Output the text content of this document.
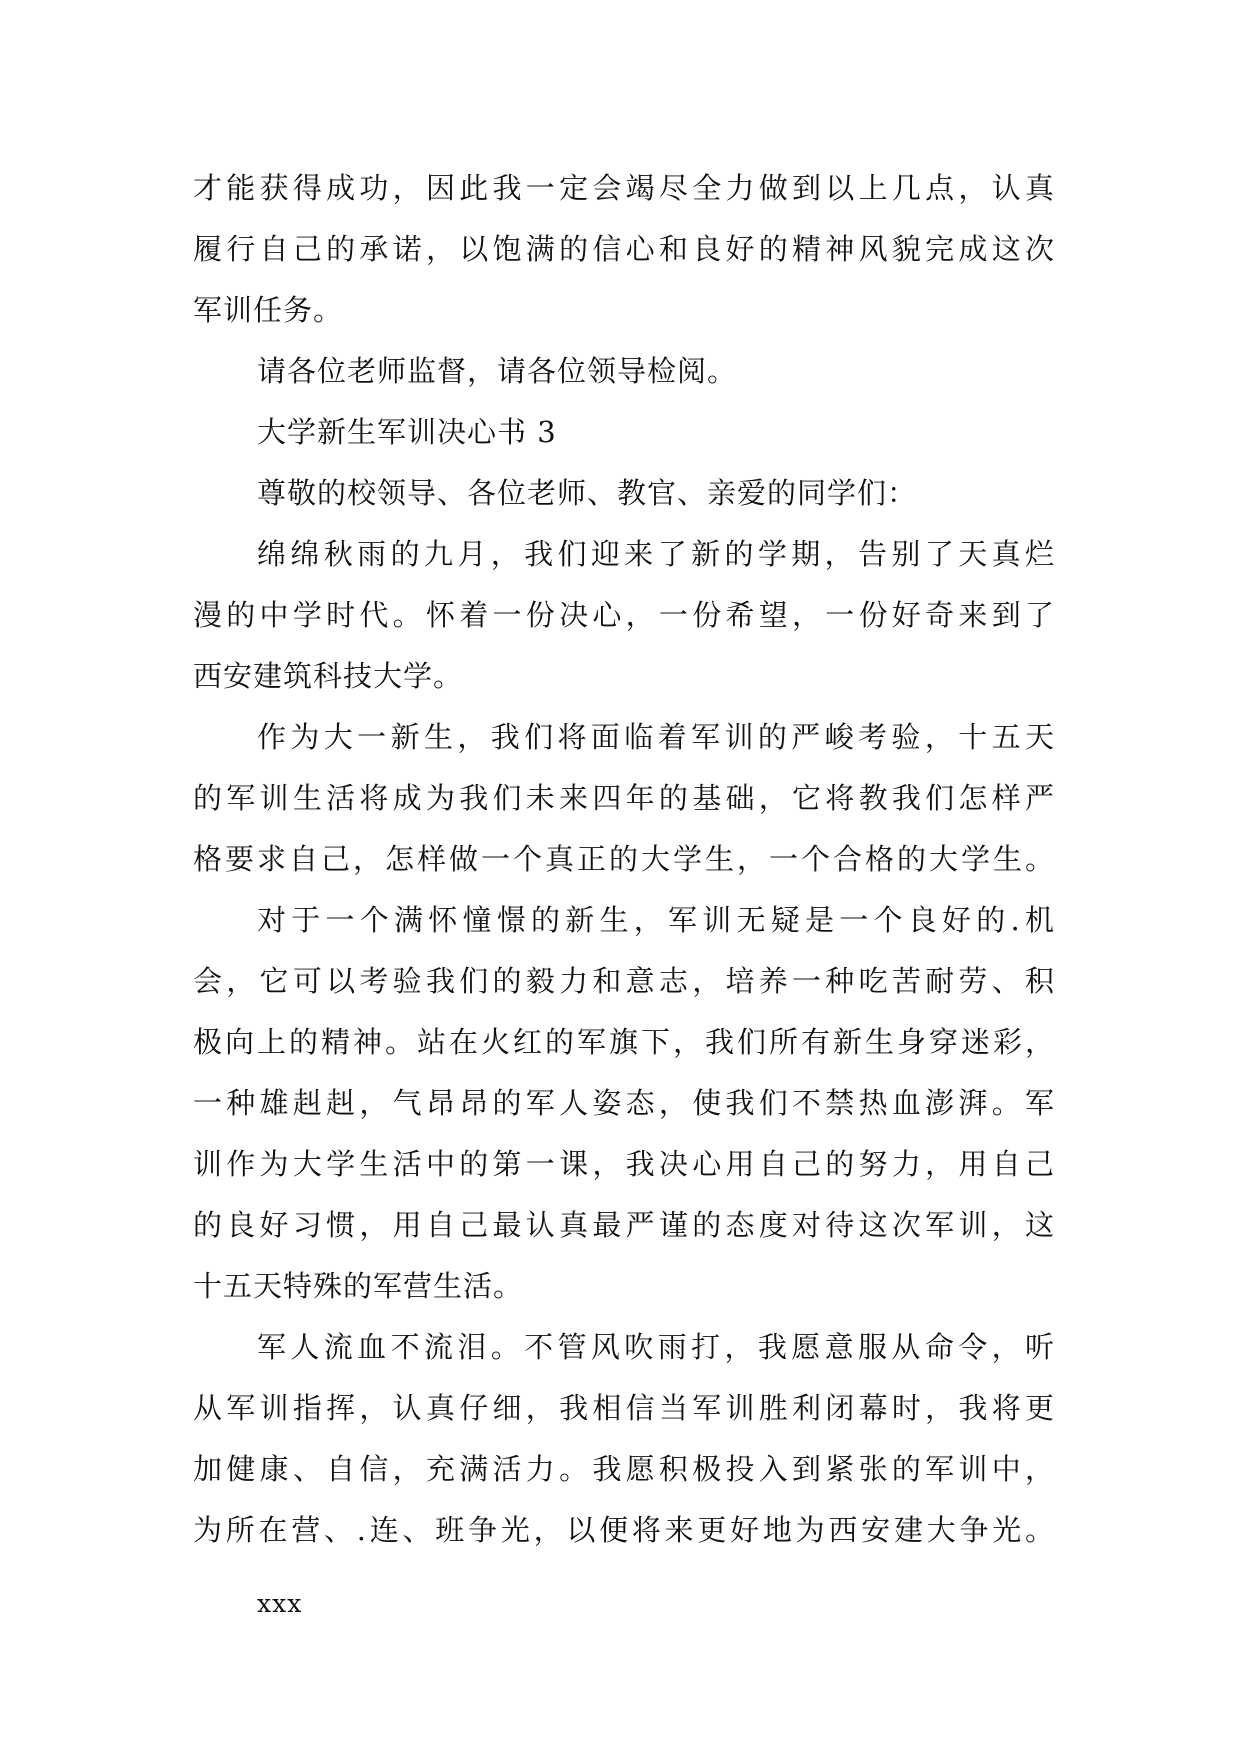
才能获得成功，因此我一定会竭尽全力做到以上几点，认真
履行自己的承诺，以饱满的信心和良好的精神风貌完成这次
军训任务。
请各位老师监督，请各位领导检阅。
大学新生军训决心书 3
尊敬的校领导、各位老师、教官、亲爱的同学们：
绵绵秋雨的九月，我们迎来了新的学期，告别了天真烂
漫的中学时代。怀着一份决心，一份希望，一份好奇来到了
西安建筑科技大学。
作为大一新生，我们将面临着军训的严峻考验，十五天
的军训生活将成为我们未来四年的基础，它将教我们怎样严
格要求自己，怎样做一个真正的大学生，一个合格的大学生。
对于一个满怀憧憬的新生，军训无疑是一个良好的.机
会，它可以考验我们的毅力和意志，培养一种吃苦耐劳、积
极向上的精神。站在火红的军旗下，我们所有新生身穿迷彩，
一种雄赳赳，气昂昂的军人姿态，使我们不禁热血澎湃。军
训作为大学生活中的第一课，我决心用自己的努力，用自己
的良好习惯，用自己最认真最严谨的态度对待这次军训，这
十五天特殊的军营生活。
军人流血不流泪。不管风吹雨打，我愿意服从命令，听
从军训指挥，认真仔细，我相信当军训胜利闭幕时，我将更
加健康、自信，充满活力。我愿积极投入到紧张的军训中，
为所在营、.连、班争光，以便将来更好地为西安建大争光。
xxx
